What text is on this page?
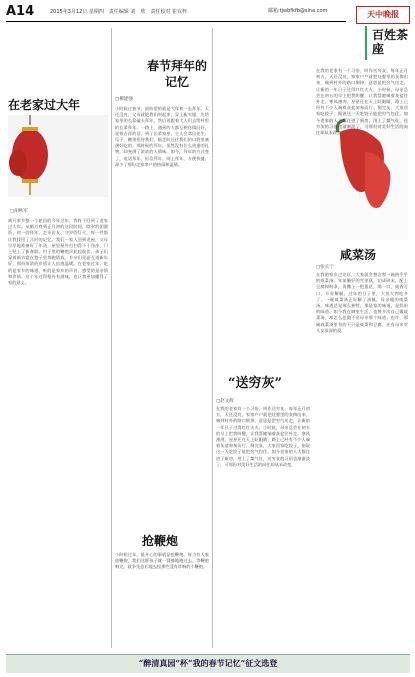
A14	2015年3月12日 星期四　责任编辑 刘　欣　责任校对 崔宜梓	邮箱:tjwbfkfb@sina.com	天中晚报
百姓茶座
在老家过大年
□胡秋军
离开家乡整一个轮回的今年过年，我终于回到了老家过大年。从腊月底到正月初的这段时间，除夕的团圆饭、初一的拜年、走亲访友、守岁的灯火，每一件都让我找回了儿时的记忆。我们一家人回到老屋，父母早早地准备好了年货，屋里屋外打扫得干干净净，门上贴上了新春联。村子里的鞭炮声此起彼伏，孩子们穿着新衣裳在巷子里奔跑嬉戏。乡亲们见面互道新年好，那份浓浓的乡情让人倍感温暖。在老家过年，吃的是家乡的味道，听的是家乡的声音，感受的是亲情和乡情。这个年过得格外有滋味，也让我更加懂得了家的意义。
春节拜年的记忆
□柳建强
小时候过春节，最盼望的就是大年初一去拜年。天还没亮，父母就把我们叫起来，穿上新衣服，先给家里的长辈磕头拜年，然后再跟着大人们去给村里的长辈拜年。一路上，遇到的人都互相作揖问好，说着吉祥的话。到了长辈家里，主人会拿出花生、瓜子、糖果招待我们，临走时还往我们的口袋里塞满好吃的。那时候的拜年，虽然没有什么贵重的礼物，却充满了浓浓的人情味。如今，拜年的方式变了，电话拜年、短信拜年、网上拜年，方便快捷，却少了那份走家串户的热闹和温情。
抢鞭炮
小时候过年，最开心的事就是抢鞭炮。每当有人家放鞭炮，我们这群孩子就一窝蜂地跑过去，等鞭炮响完，就争先恐后地去捡那些没有炸响的小鞭炮。
“送穷灰”
□赵文辉
在我的老家有一个习俗，叫作送穷灰。每年正月初五，天还没亮，家家户户就把灶膛里的灰掏出来，端到村外的路口倒掉，意思是把穷气送走，让新的一年日子过得红红火火。小时候，母亲总会在初五的早上把我叫醒，让我帮她端着灰盆往外走。寒风凛冽，星星还在天上眨眼睛，路上已经有不少人端着灰盆匆匆而行。倒完灰，大家回家吃饺子，据说这一天吃饺子能把穷气包住。如今老家的人大都住进了新房，用上了煤气灶，送穷灰的习俗也渐渐淡了，可那份对美好生活的向往却从未改变。
咸菜汤
□张长宁
在我的家乡过完年，大家就会想念那一碗热乎乎的咸菜汤。年前腌好的雪里蕻，切成碎末，配上豆腐和粉条，再撒上一把葱花，喝一口，咸香可口，开胃解腻。过年的日子里，大鱼大肉吃多了，一碗咸菜汤正好解了油腻。母亲做的咸菜汤，味道总是那么独特，那是家的味道，是妈妈的味道。如今我在城里生活，也曾多次自己做咸菜汤，却怎么也做不出母亲那个味道。也许，那碗咸菜汤里有的不只是咸菜和豆腐，还有母亲对儿女深深的爱。
在我的老家有一个习俗，叫作送穷灰。每年正月初五，天还没亮，家家户户就把灶膛里的灰掏出来，端到村外的路口倒掉，意思是把穷气送走，让新的一年日子过得红红火火。小时候，母亲总会在初五的早上把我叫醒，让我帮她端着灰盆往外走。寒风凛冽，星星还在天上眨眼睛，路上已经有不少人端着灰盆匆匆而行。倒完灰，大家回家吃饺子，据说这一天吃饺子能把穷气包住。如今老家的人大都住进了新房，用上了煤气灶，送穷灰的习俗也渐渐淡了，可那份对美好生活的向往却从未改变。
“醉清真园”杯“我的春节记忆”征文选登
